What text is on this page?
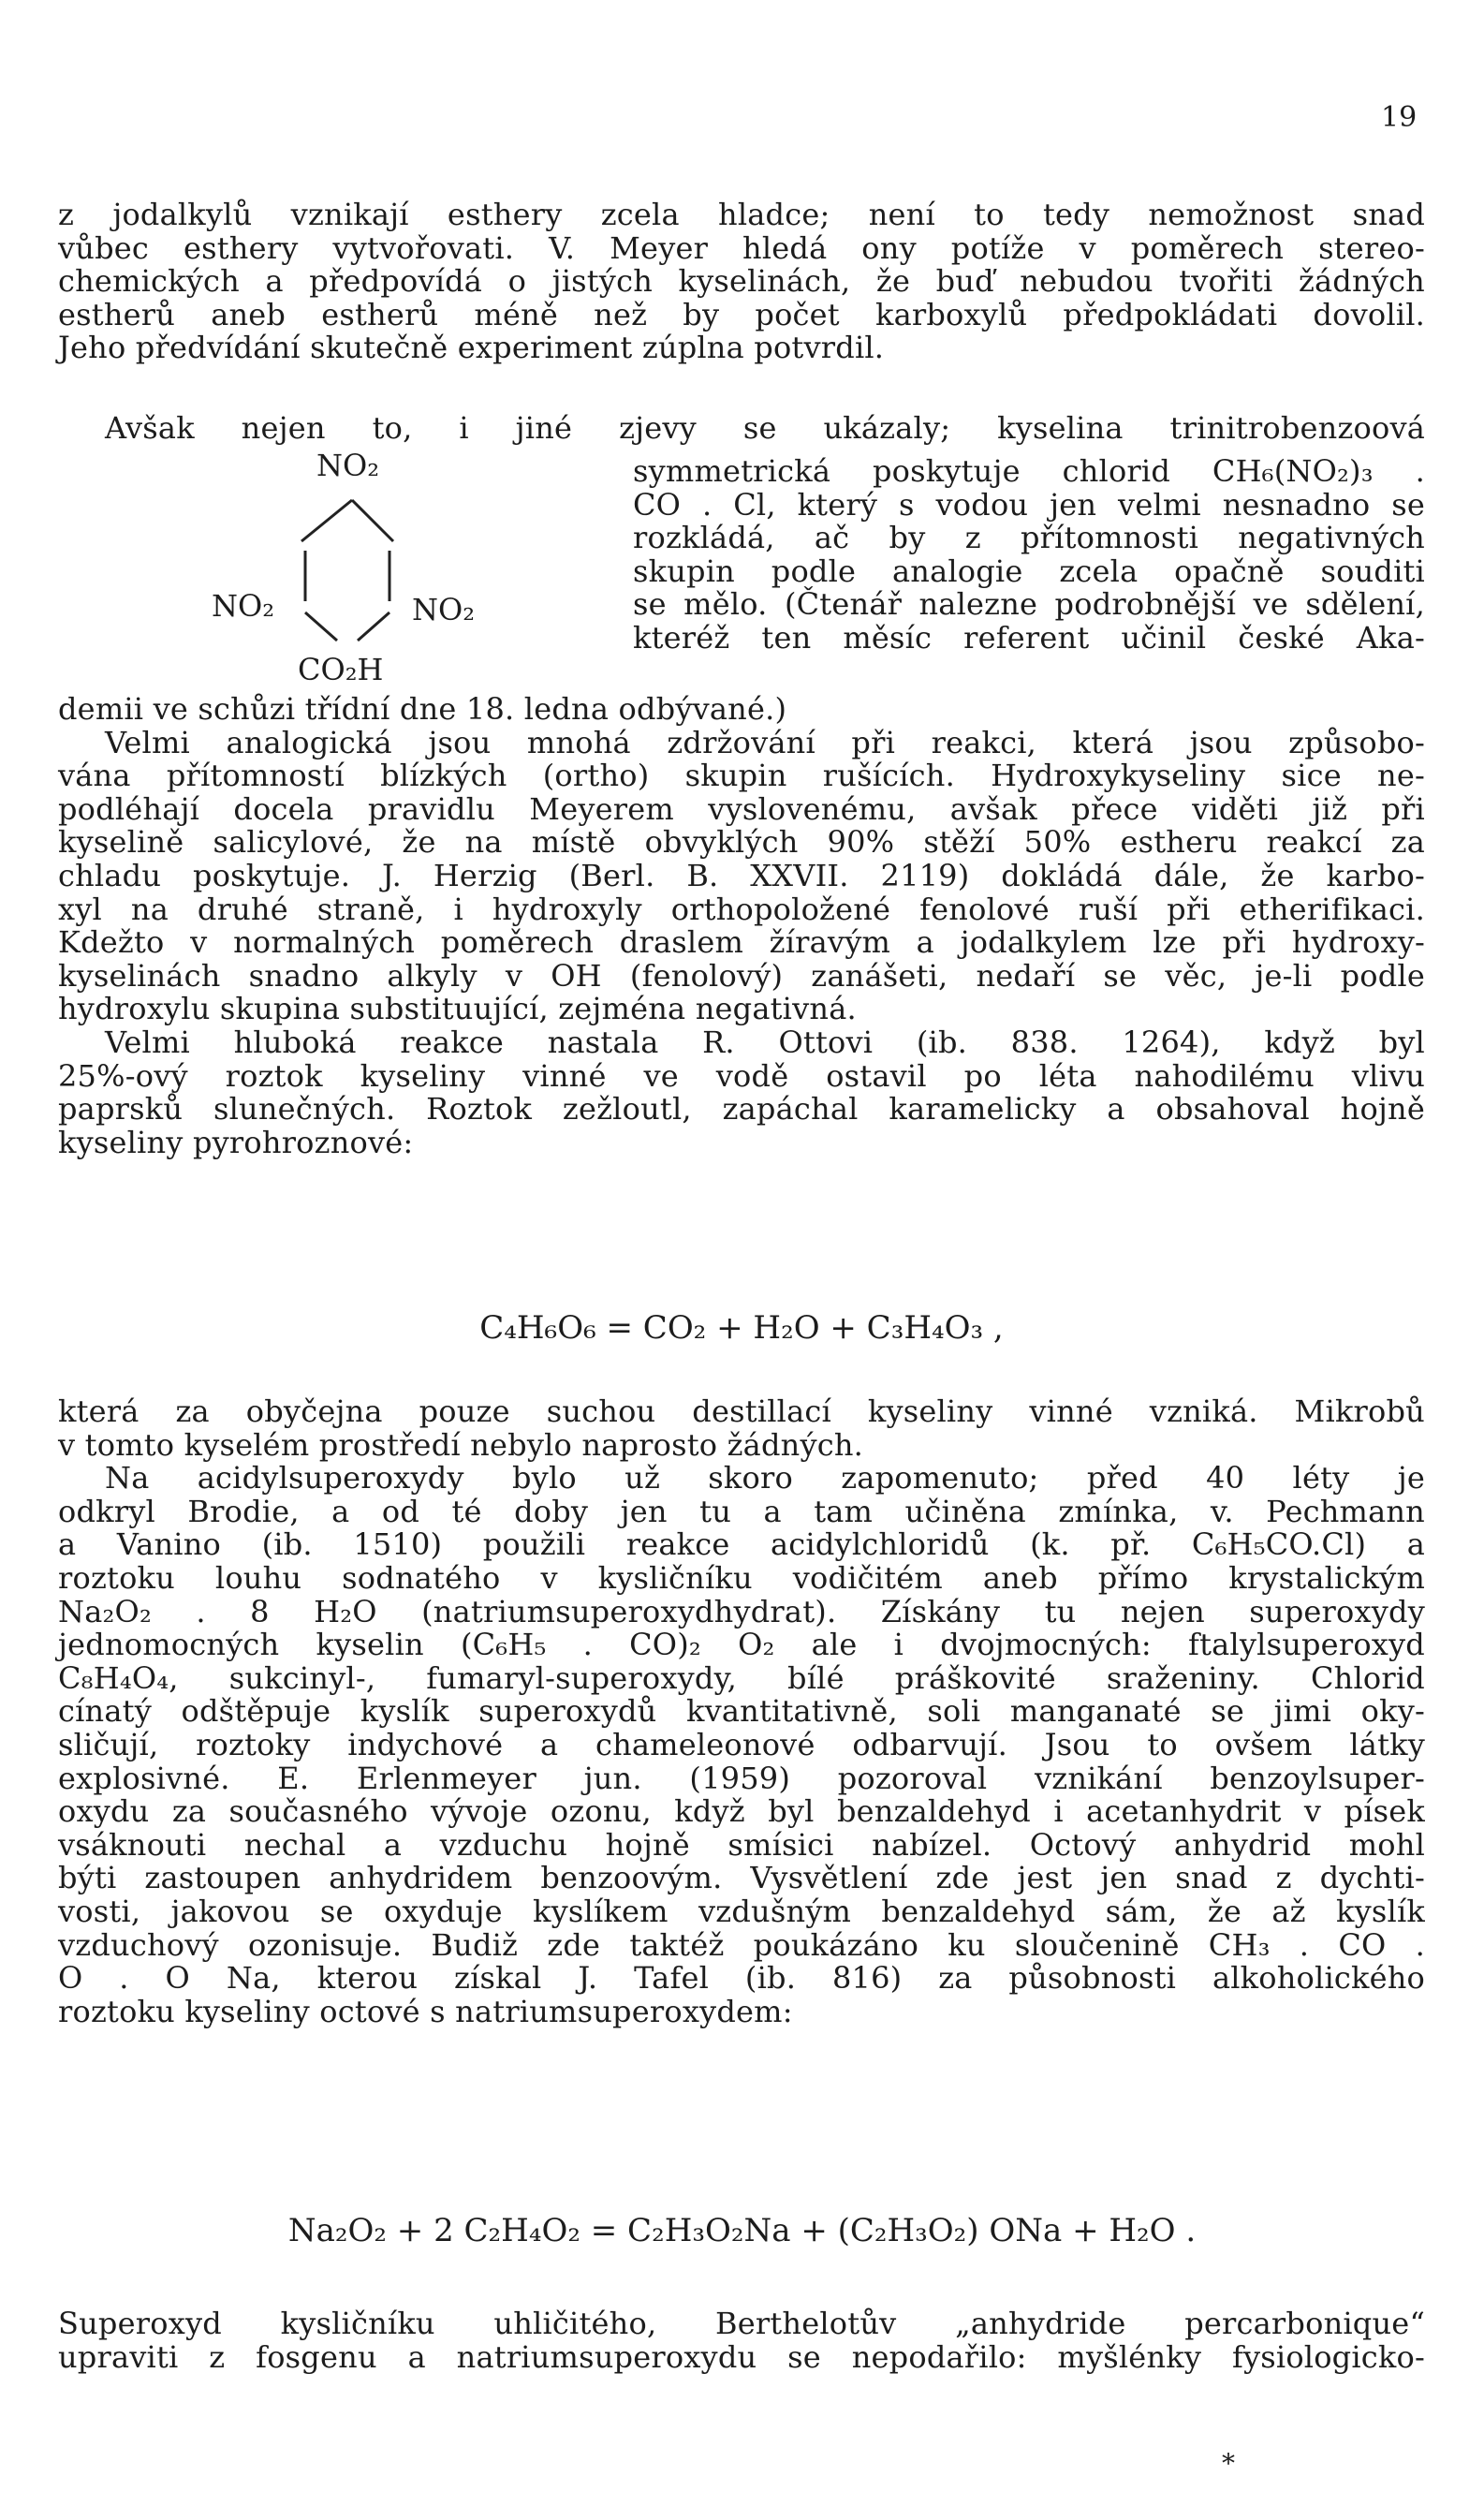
19
z jodalkylů vznikají esthery zcela hladce; není to tedy nemožnost snad
vůbec esthery vytvořovati. V. Meyer hledá ony potíže v poměrech stereo-
chemických a předpovídá o jistých kyselinách, že buď nebudou tvořiti žádných
estherů aneb estherů méně než by počet karboxylů předpokládati dovolil.
Jeho předvídání skutečně experiment zúplna potvrdil.
Avšak nejen to, i jiné zjevy se ukázaly; kyselina trinitrobenzoová
NO₂
NO₂	NO₂
CO₂H
symmetrická poskytuje chlorid CH₆(NO₂)₃ .
CO . Cl, který s vodou jen velmi nesnadno se
rozkládá, ač by z přítomnosti negativných
skupin podle analogie zcela opačně souditi
se mělo. (Čtenář nalezne podrobnější ve sdělení,
kteréž ten měsíc referent učinil české Aka-
demii ve schůzi třídní dne 18. ledna odbývané.)
Velmi analogická jsou mnohá zdržování při reakci, která jsou způsobo-
vána přítomností blízkých (ortho) skupin rušících. Hydroxykyseliny sice ne-
podléhají docela pravidlu Meyerem vyslovenému, avšak přece viděti již při
kyselině salicylové, že na místě obvyklých 90% stěží 50% estheru reakcí za
chladu poskytuje. J. Herzig (Berl. B. XXVII. 2119) dokládá dále, že karbo-
xyl na druhé straně, i hydroxyly orthopoložené fenolové ruší při etherifikaci.
Kdežto v normalných poměrech draslem žíravým a jodalkylem lze při hydroxy-
kyselinách snadno alkyly v OH (fenolový) zanášeti, nedaří se věc, je-li podle
hydroxylu skupina substituující, zejména negativná.
Velmi hluboká reakce nastala R. Ottovi (ib. 838. 1264), když byl
25%-ový roztok kyseliny vinné ve vodě ostavil po léta nahodilému vlivu
paprsků slunečných. Roztok zežloutl, zapáchal karamelicky a obsahoval hojně
kyseliny pyrohroznové:
C₄H₆O₆ = CO₂ + H₂O + C₃H₄O₃ ,
která za obyčejna pouze suchou destillací kyseliny vinné vzniká. Mikrobů
v tomto kyselém prostředí nebylo naprosto žádných.
Na acidylsuperoxydy bylo už skoro zapomenuto; před 40 léty je
odkryl Brodie, a od té doby jen tu a tam učiněna zmínka, v. Pechmann
a Vanino (ib. 1510) použili reakce acidylchloridů (k. př. C₆H₅CO.Cl) a
roztoku louhu sodnatého v kysličníku vodičitém aneb přímo krystalickým
Na₂O₂ . 8 H₂O (natriumsuperoxydhydrat). Získány tu nejen superoxydy
jednomocných kyselin (C₆H₅ . CO)₂ O₂ ale i dvojmocných: ftalylsuperoxyd
C₈H₄O₄, sukcinyl-, fumaryl-superoxydy, bílé práškovité sraženiny. Chlorid
cínatý odštěpuje kyslík superoxydů kvantitativně, soli manganaté se jimi oky-
sličují, roztoky indychové a chameleonové odbarvují. Jsou to ovšem látky
explosivné. E. Erlenmeyer jun. (1959) pozoroval vznikání benzoylsuper-
oxydu za současného vývoje ozonu, když byl benzaldehyd i acetanhydrit v písek
vsáknouti nechal a vzduchu hojně smísici nabízel. Octový anhydrid mohl
býti zastoupen anhydridem benzoovým. Vysvětlení zde jest jen snad z dychti-
vosti, jakovou se oxyduje kyslíkem vzdušným benzaldehyd sám, že až kyslík
vzduchový ozonisuje. Budiž zde taktéž poukázáno ku sloučenině CH₃ . CO .
O . O Na, kterou získal J. Tafel (ib. 816) za působnosti alkoholického
roztoku kyseliny octové s natriumsuperoxydem:
Na₂O₂ + 2 C₂H₄O₂ = C₂H₃O₂Na + (C₂H₃O₂) ONa + H₂O .
Superoxyd kysličníku uhličitého, Berthelotův „anhydride percarbonique“
upraviti z fosgenu a natriumsuperoxydu se nepodařilo: myšlénky fysiologicko-
*
